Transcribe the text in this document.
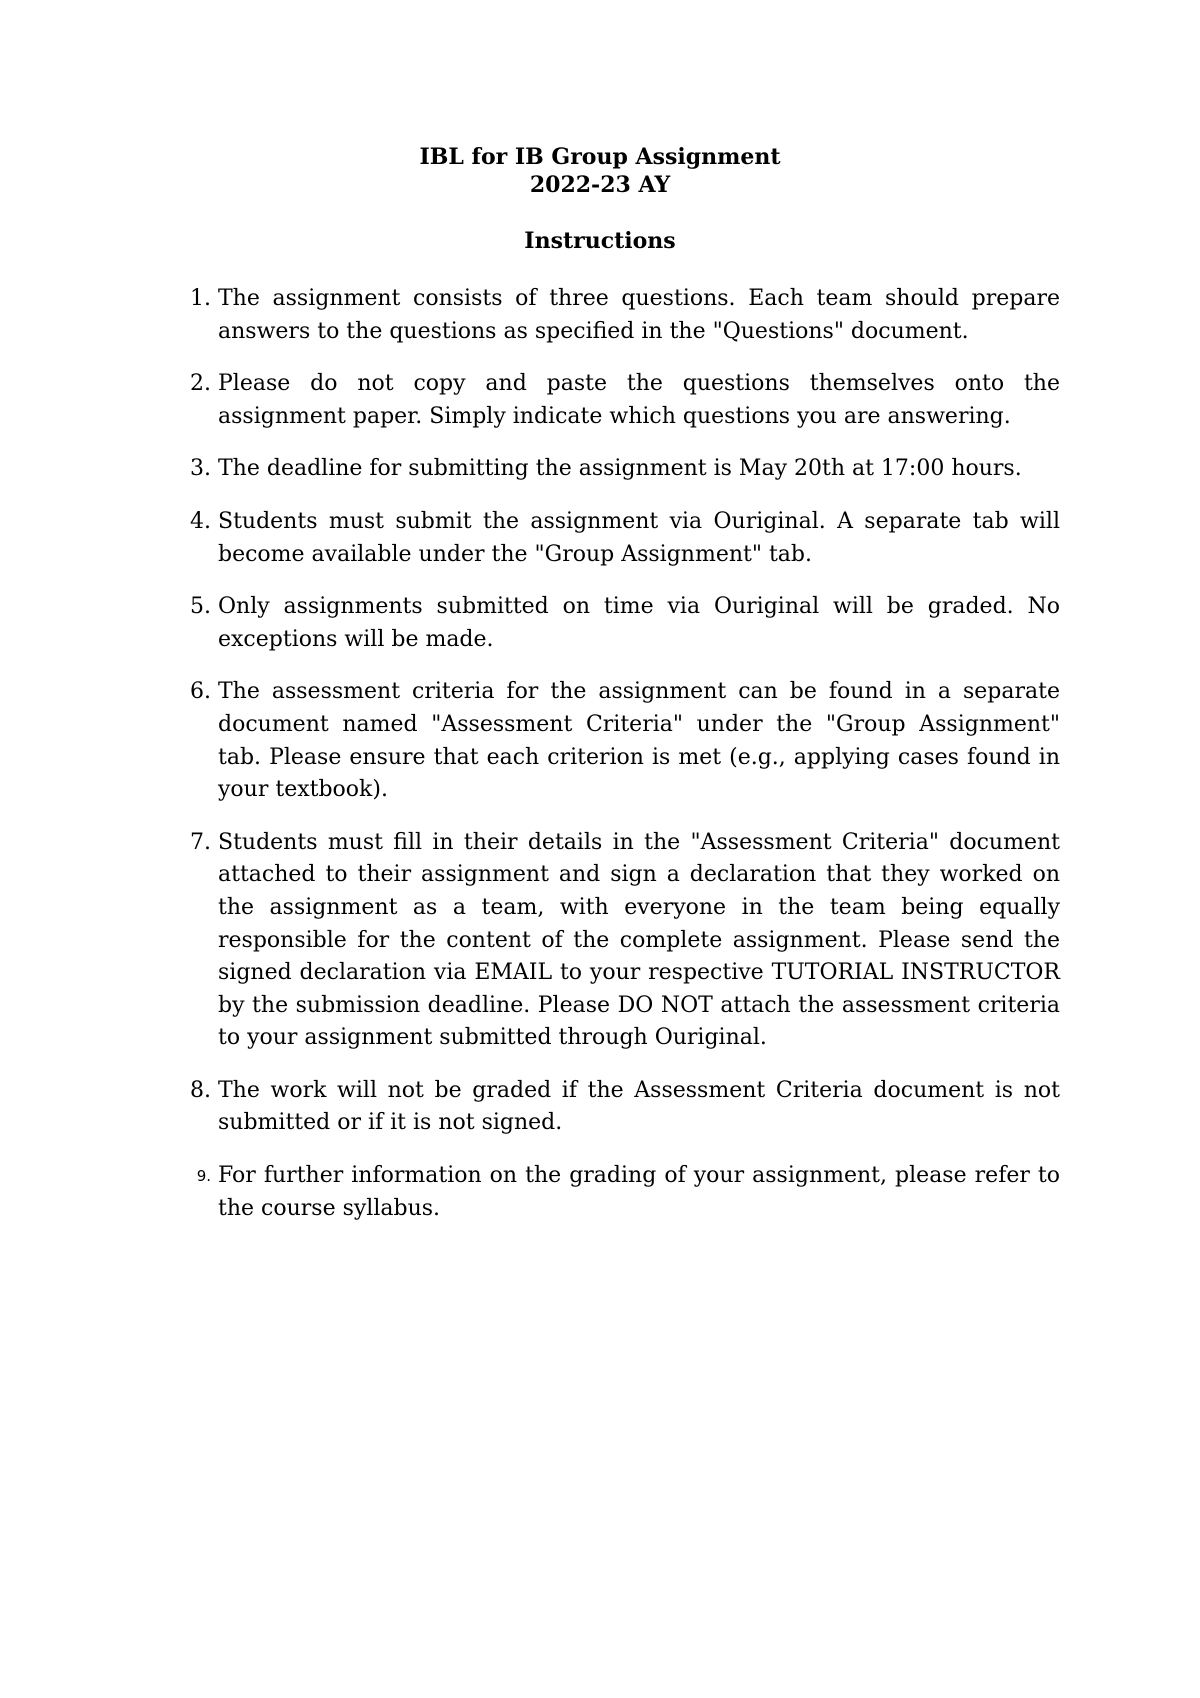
IBL for IB Group Assignment
2022-23 AY
Instructions
1. The assignment consists of three questions. Each team should prepare answers to the questions as specified in the "Questions" document.
2. Please do not copy and paste the questions themselves onto the assignment paper. Simply indicate which questions you are answering.
3. The deadline for submitting the assignment is May 20th at 17:00 hours.
4. Students must submit the assignment via Ouriginal. A separate tab will become available under the "Group Assignment" tab.
5. Only assignments submitted on time via Ouriginal will be graded. No exceptions will be made.
6. The assessment criteria for the assignment can be found in a separate document named "Assessment Criteria" under the "Group Assignment" tab. Please ensure that each criterion is met (e.g., applying cases found in your textbook).
7. Students must fill in their details in the "Assessment Criteria" document attached to their assignment and sign a declaration that they worked on the assignment as a team, with everyone in the team being equally responsible for the content of the complete assignment. Please send the signed declaration via EMAIL to your respective TUTORIAL INSTRUCTOR by the submission deadline. Please DO NOT attach the assessment criteria to your assignment submitted through Ouriginal.
8. The work will not be graded if the Assessment Criteria document is not submitted or if it is not signed.
9. For further information on the grading of your assignment, please refer to the course syllabus.
